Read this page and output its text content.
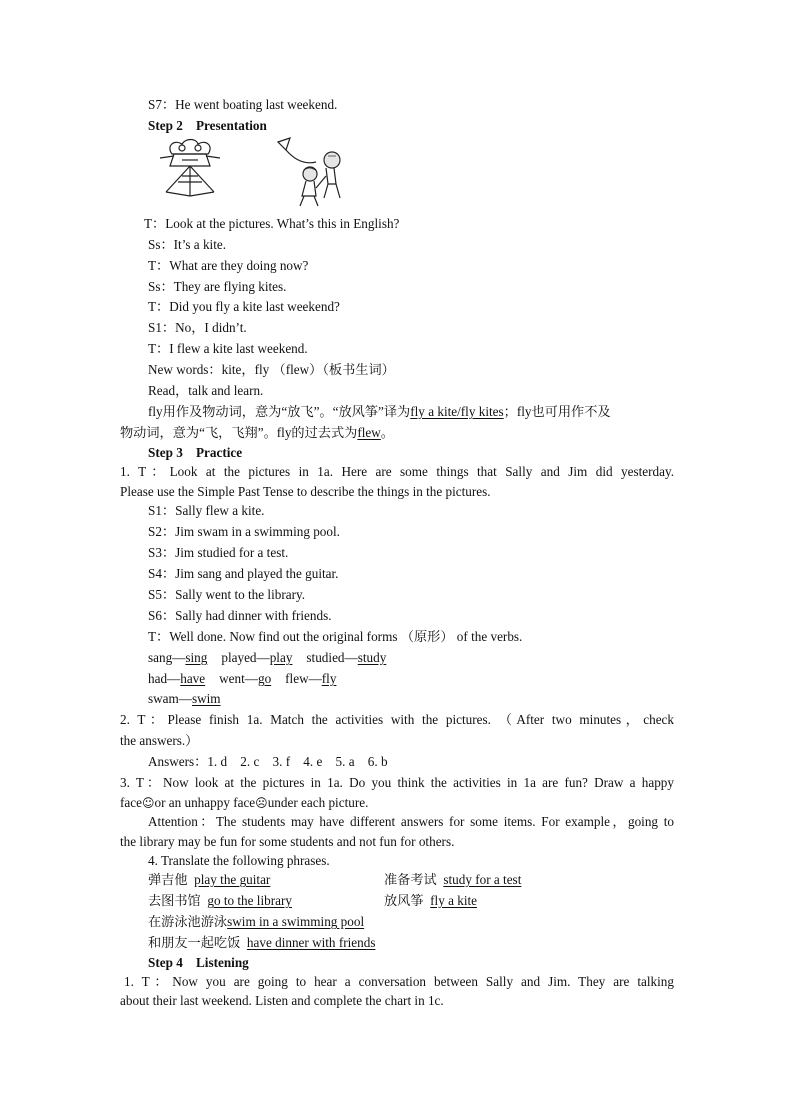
S7：He went boating last weekend.
Step 2    Presentation
T：Look at the pictures. What’s this in English?
Ss：It’s a kite.
T：What are they doing now?
Ss：They are flying kites.
T：Did you fly a kite last weekend?
S1：No，I didn’t.
T：I flew a kite last weekend.
New words：kite，fly （flew）（板书生词）
Read，talk and learn.
fly用作及物动词，意为“放飞”。“放风筝”译为fly a kite/fly kites；fly也可用作不及
物动词，意为“飞，飞翔”。fly的过去式为flew。
Step 3    Practice
1. T：Look at the pictures in 1a. Here are some things that Sally and Jim did yesterday.
Please use the Simple Past Tense to describe the things in the pictures.
S1：Sally flew a kite.
S2：Jim swam in a swimming pool.
S3：Jim studied for a test.
S4：Jim sang and played the guitar.
S5：Sally went to the library.
S6：Sally had dinner with friends.
T：Well done. Now find out the original forms （原形） of the verbs.
sang—sing played—play studied—study
had—have went—go flew—fly
swam—swim
2. T：Please finish 1a. Match the activities with the pictures. （After two minutes，check
the answers.）
Answers：1. d    2. c    3. f    4. e    5. a    6. b
3. T：Now look at the pictures in 1a. Do you think the activities in 1a are fun? Draw a happy
face☺or an unhappy face☹under each picture.
Attention：The students may have different answers for some items. For example，going to
the library may be fun for some students and not fun for others.
4. Translate the following phrases.
弹吉他 play the guitar	准备考试 study for a test
去图书馆 go to the library	放风筝 fly a kite
在游泳池游泳swim in a swimming pool
和朋友一起吃饭 have dinner with friends
Step 4    Listening
1. T：Now you are going to hear a conversation between Sally and Jim. They are talking
about their last weekend. Listen and complete the chart in 1c.
